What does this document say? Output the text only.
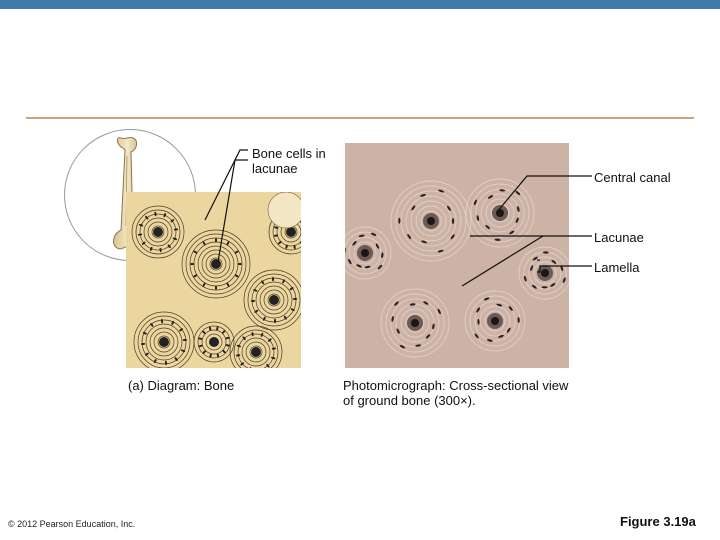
Bone cells in
lacunae
Central canal
Lacunae
Lamella
(a) Diagram: Bone	Photomicrograph: Cross-sectional view
of ground bone (300×).
© 2012 Pearson Education, Inc.	Figure 3.19a
